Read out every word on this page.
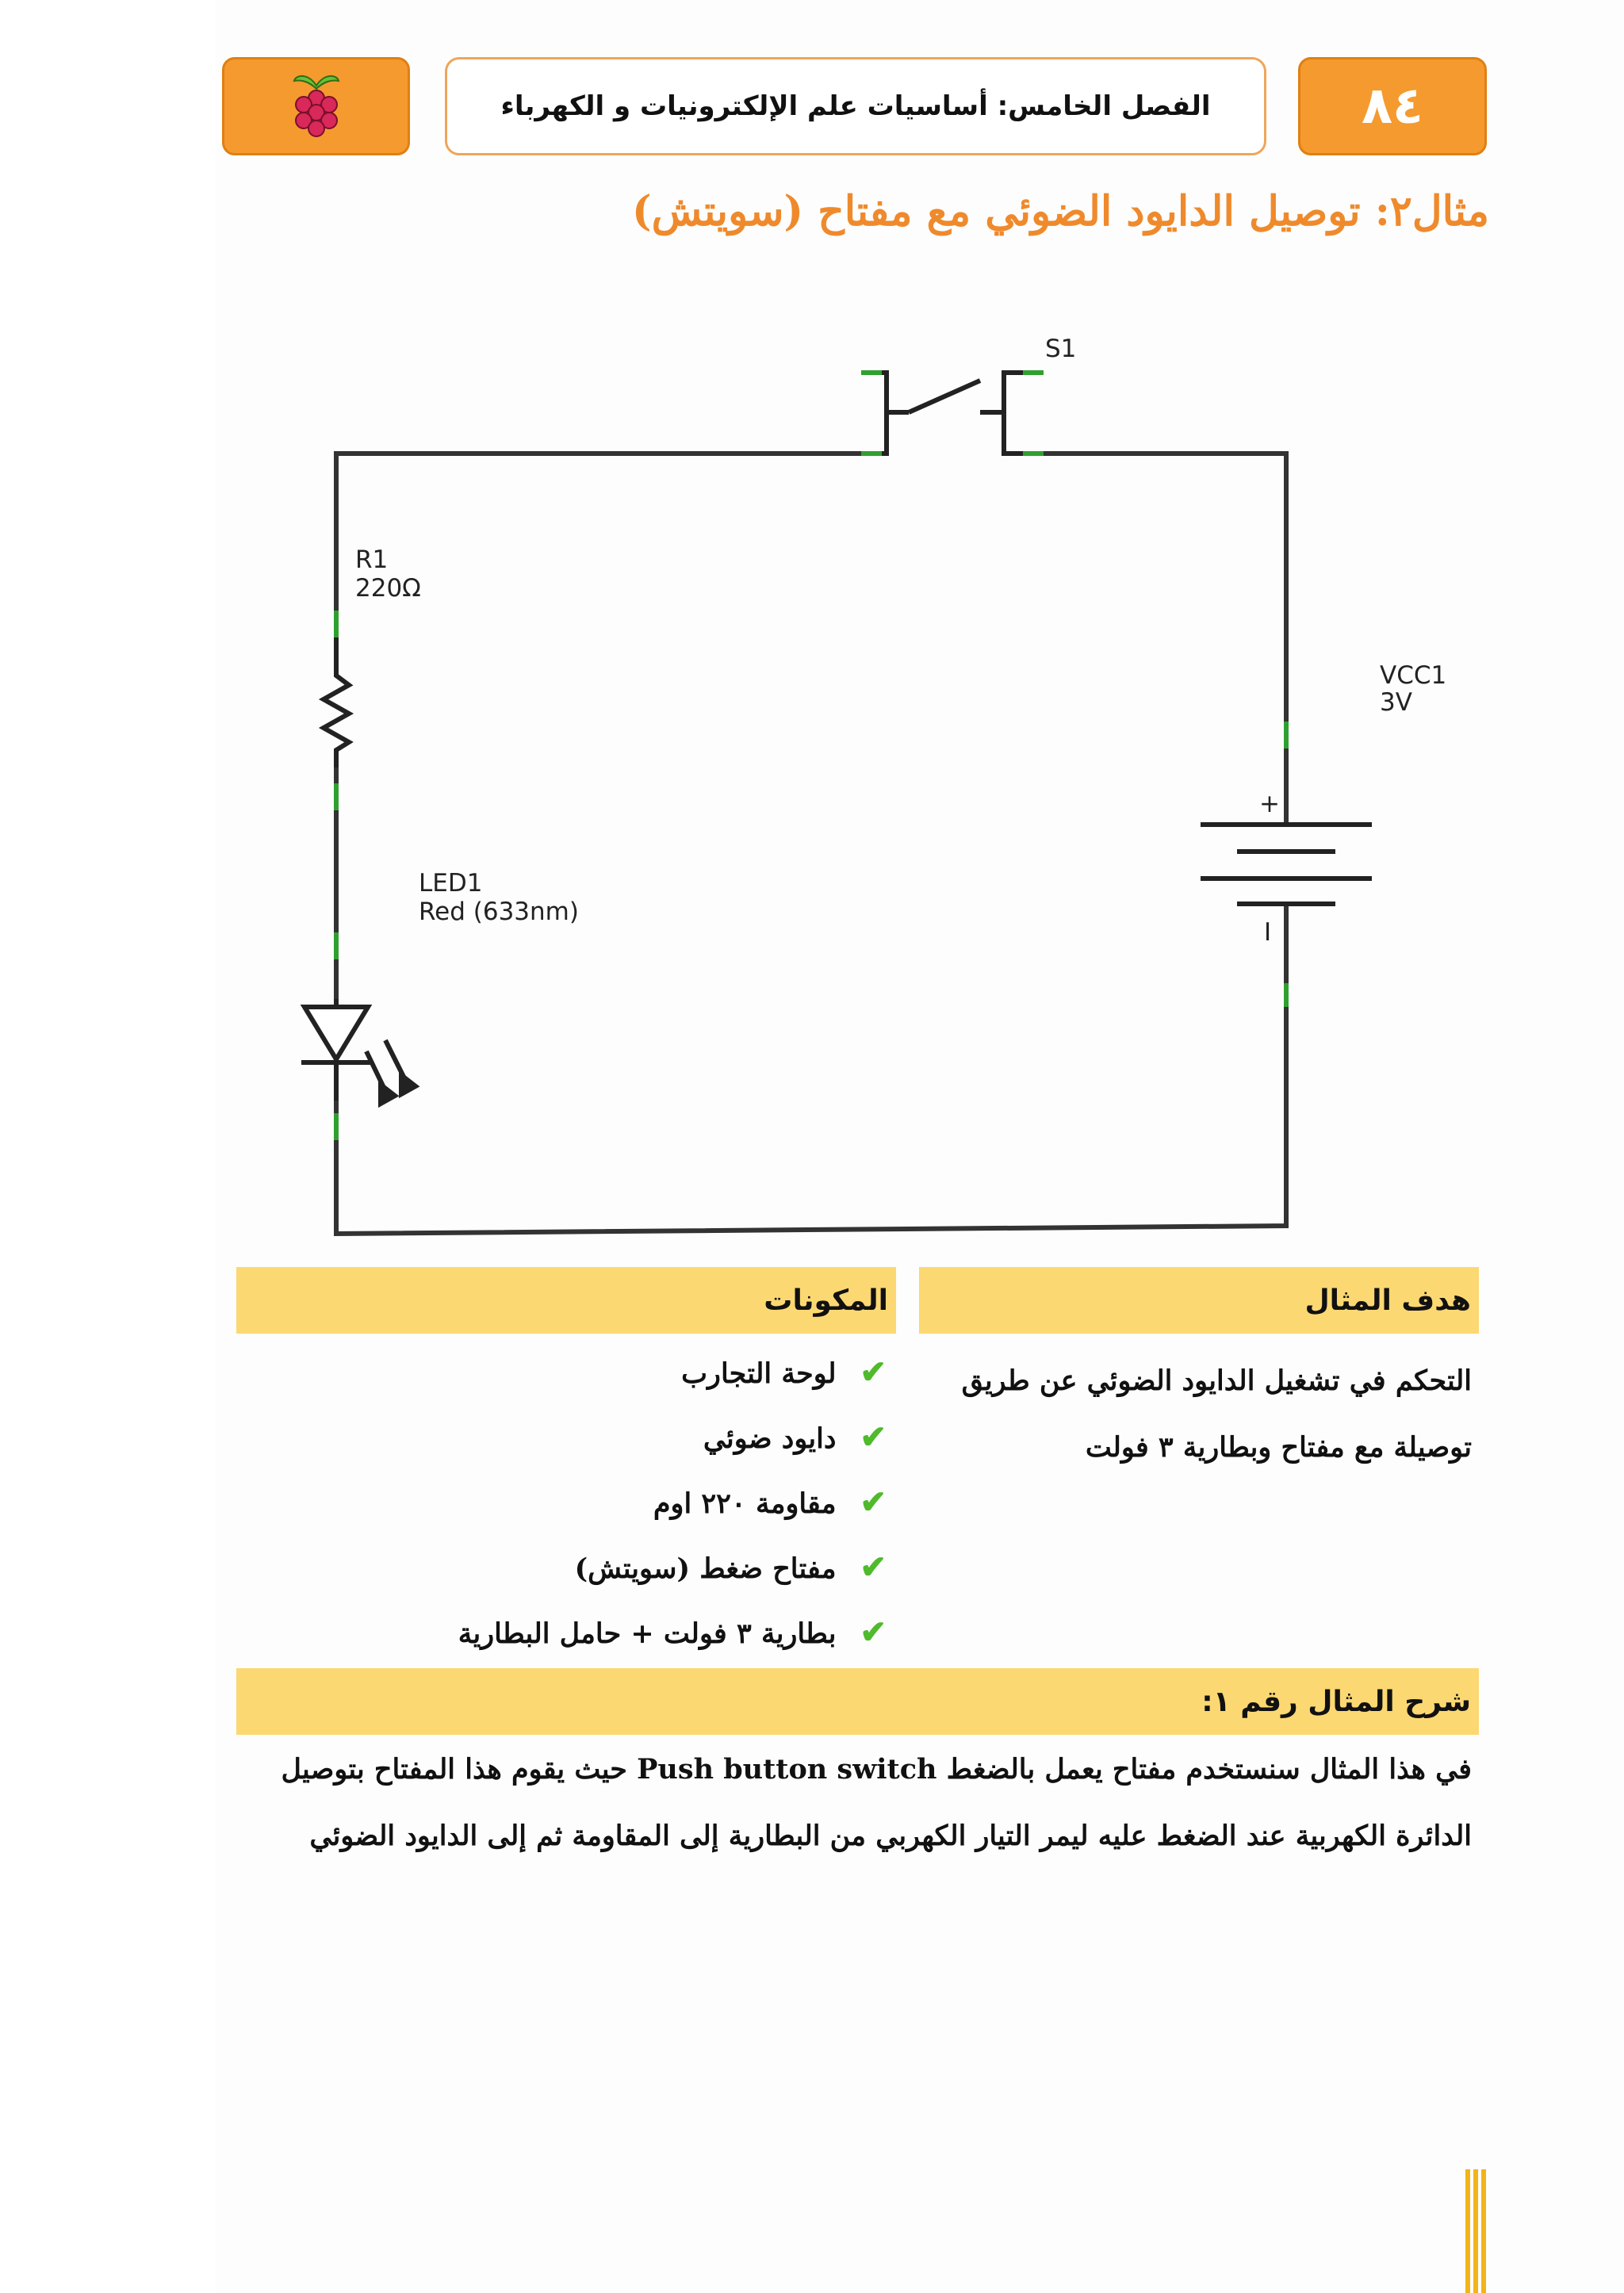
الفصل الخامس: أساسيات علم الإلكترونيات و الكهرباء	٨٤
مثال٢: توصيل الدايود الضوئي مع مفتاح (سويتش)
S1
R1
220Ω
VCC1
3V
+
I
LED1
Red (633nm)
هدف المثال
التحكم في تشغيل الدايود الضوئي عن طريق توصيلة مع مفتاح وبطارية ٣ فولت
المكونات
✔لوحة التجارب
✔دايود ضوئي
✔مقاومة ٢٢٠ اوم
✔مفتاح ضغط (سويتش)
✔بطارية ٣ فولت + حامل البطارية
شرح المثال رقم ١:
في هذا المثال سنستخدم مفتاح يعمل بالضغط Push button switch حيث يقوم هذا المفتاح بتوصيل الدائرة الكهربية عند الضغط عليه ليمر التيار الكهربي من البطارية إلى المقاومة ثم إلى الدايود الضوئي
